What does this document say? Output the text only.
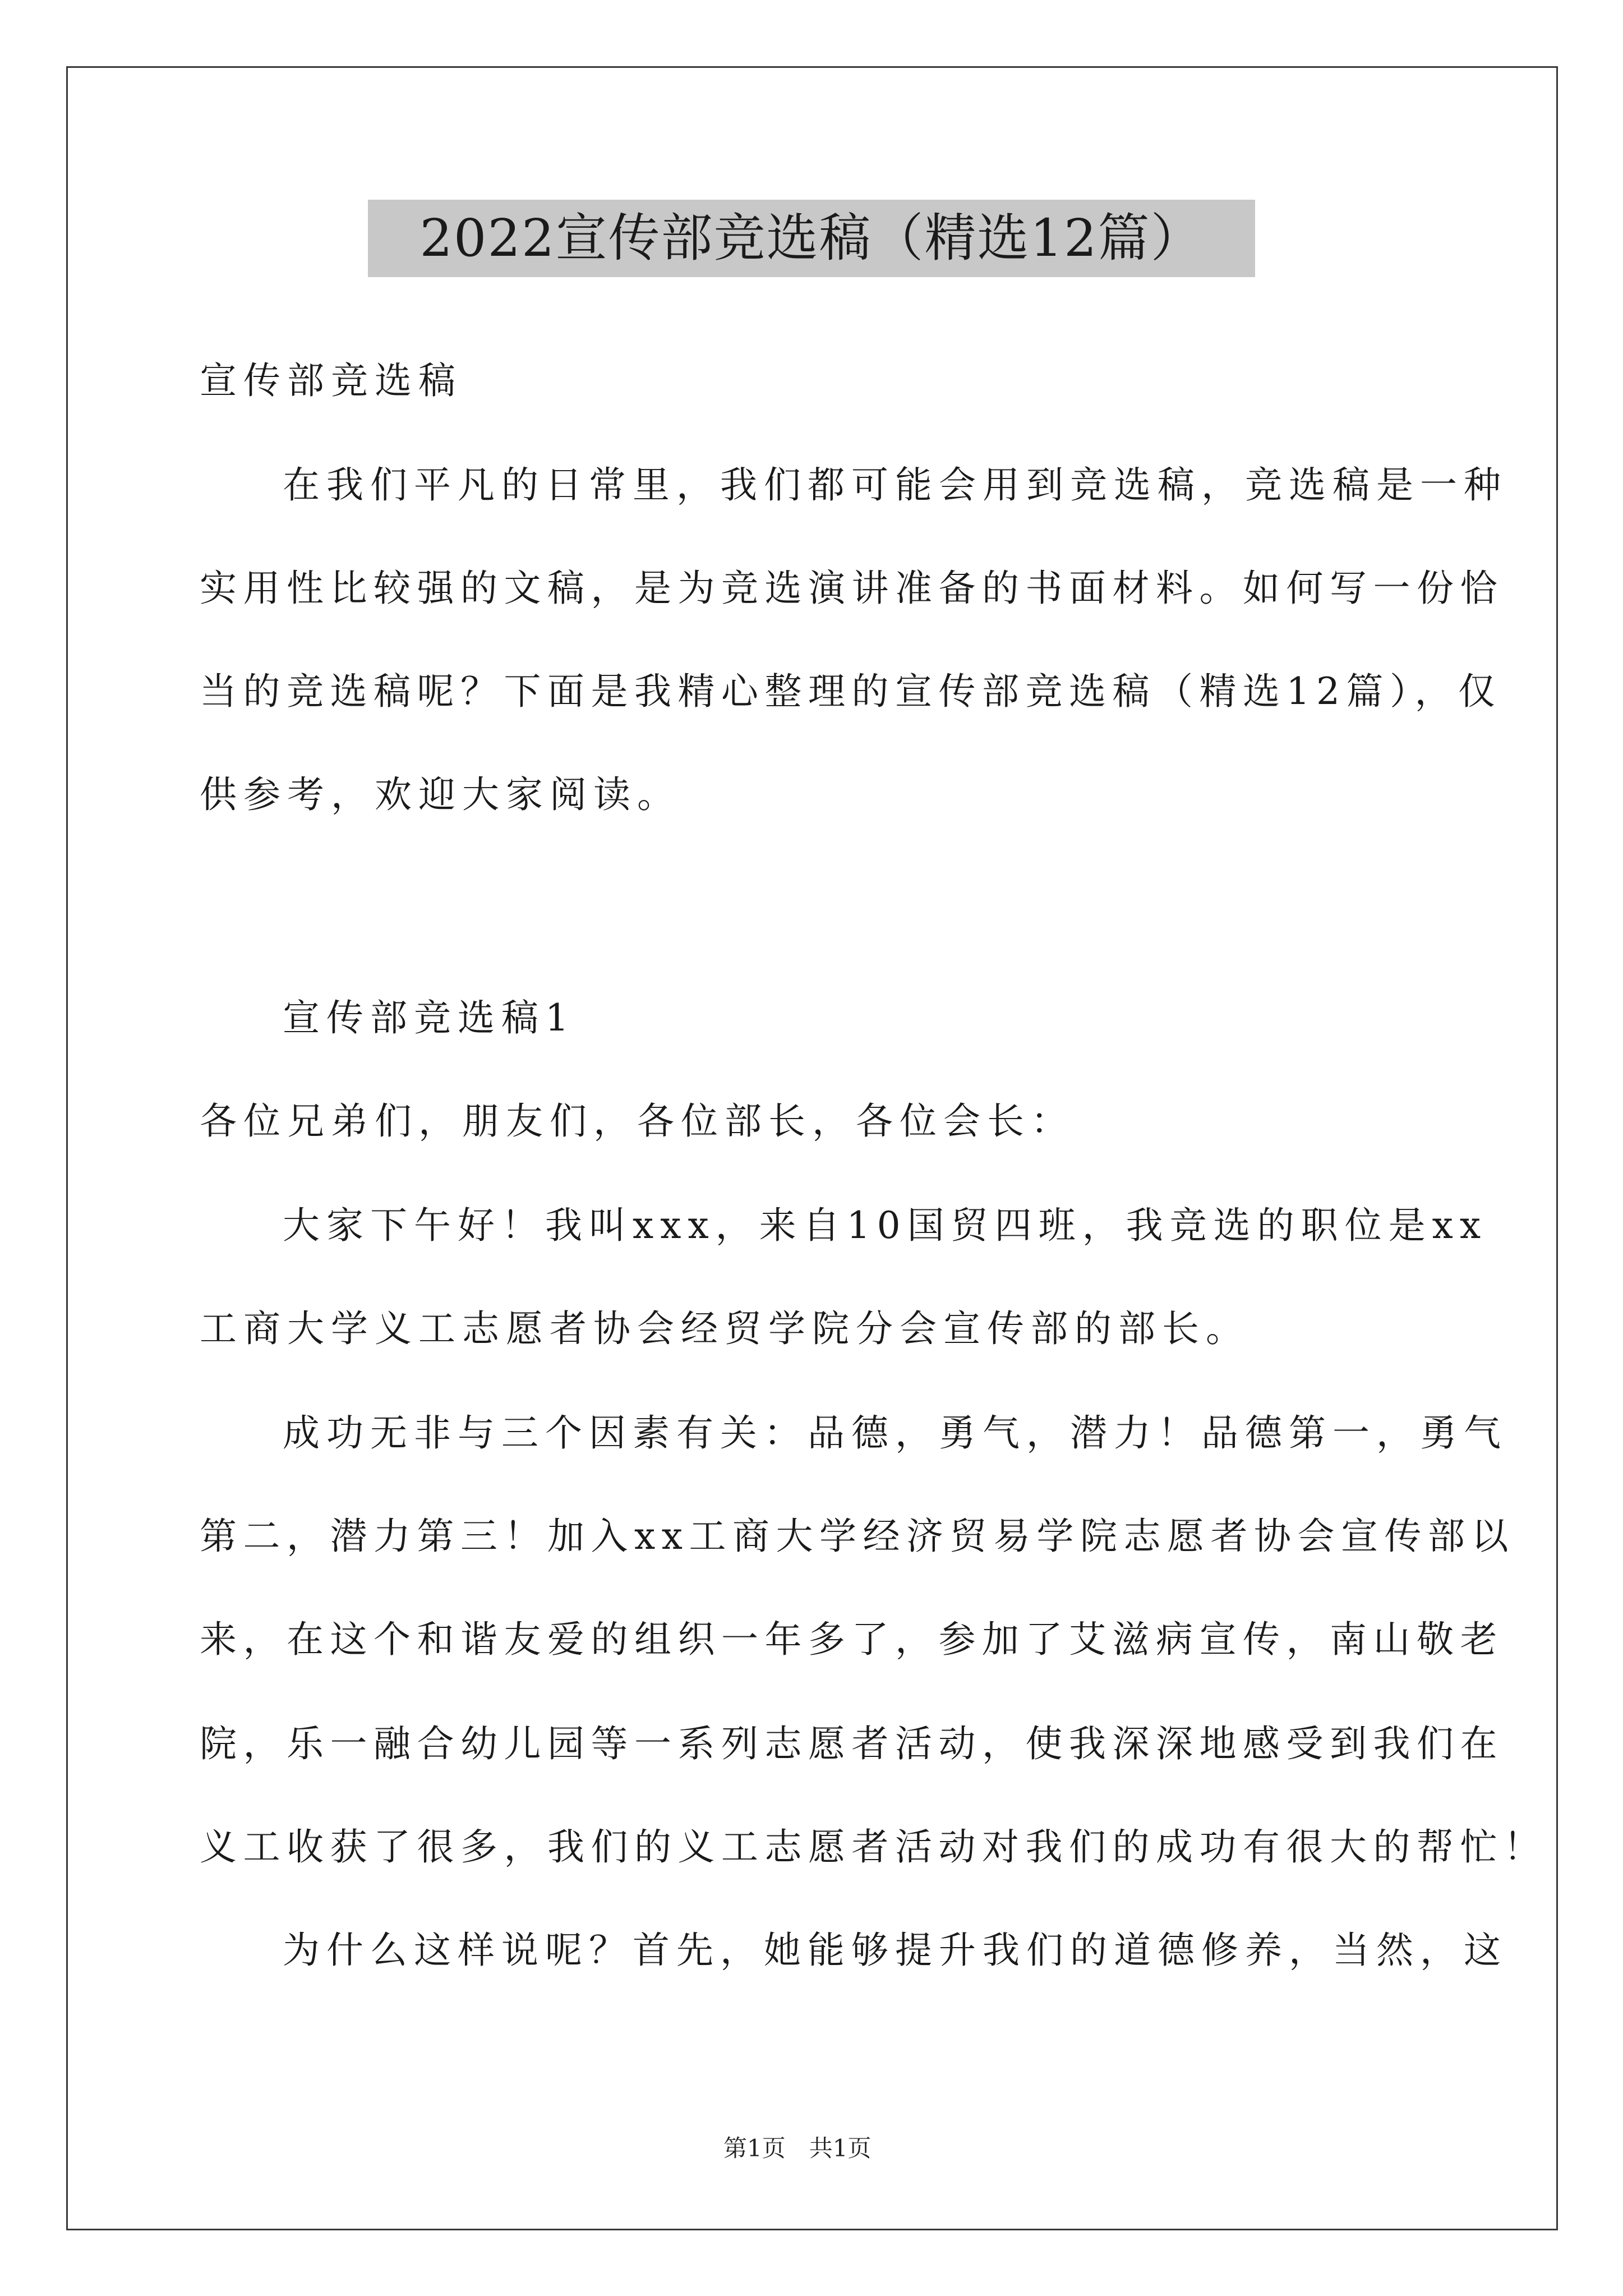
2022宣传部竞选稿（精选12篇）
宣传部竞选稿
在我们平凡的日常里，我们都可能会用到竞选稿，竞选稿是一种
实用性比较强的文稿，是为竞选演讲准备的书面材料。如何写一份恰
当的竞选稿呢？下面是我精心整理的宣传部竞选稿（精选12篇），仅
供参考，欢迎大家阅读。
宣传部竞选稿1
各位兄弟们，朋友们，各位部长，各位会长：
大家下午好！我叫xxx，来自10国贸四班，我竞选的职位是xx
工商大学义工志愿者协会经贸学院分会宣传部的部长。
成功无非与三个因素有关：品德，勇气，潜力！品德第一，勇气
第二，潜力第三！加入xx工商大学经济贸易学院志愿者协会宣传部以
来，在这个和谐友爱的组织一年多了，参加了艾滋病宣传，南山敬老
院，乐一融合幼儿园等一系列志愿者活动，使我深深地感受到我们在
义工收获了很多，我们的义工志愿者活动对我们的成功有很大的帮忙！
为什么这样说呢？首先，她能够提升我们的道德修养，当然，这
第1页　共1页
